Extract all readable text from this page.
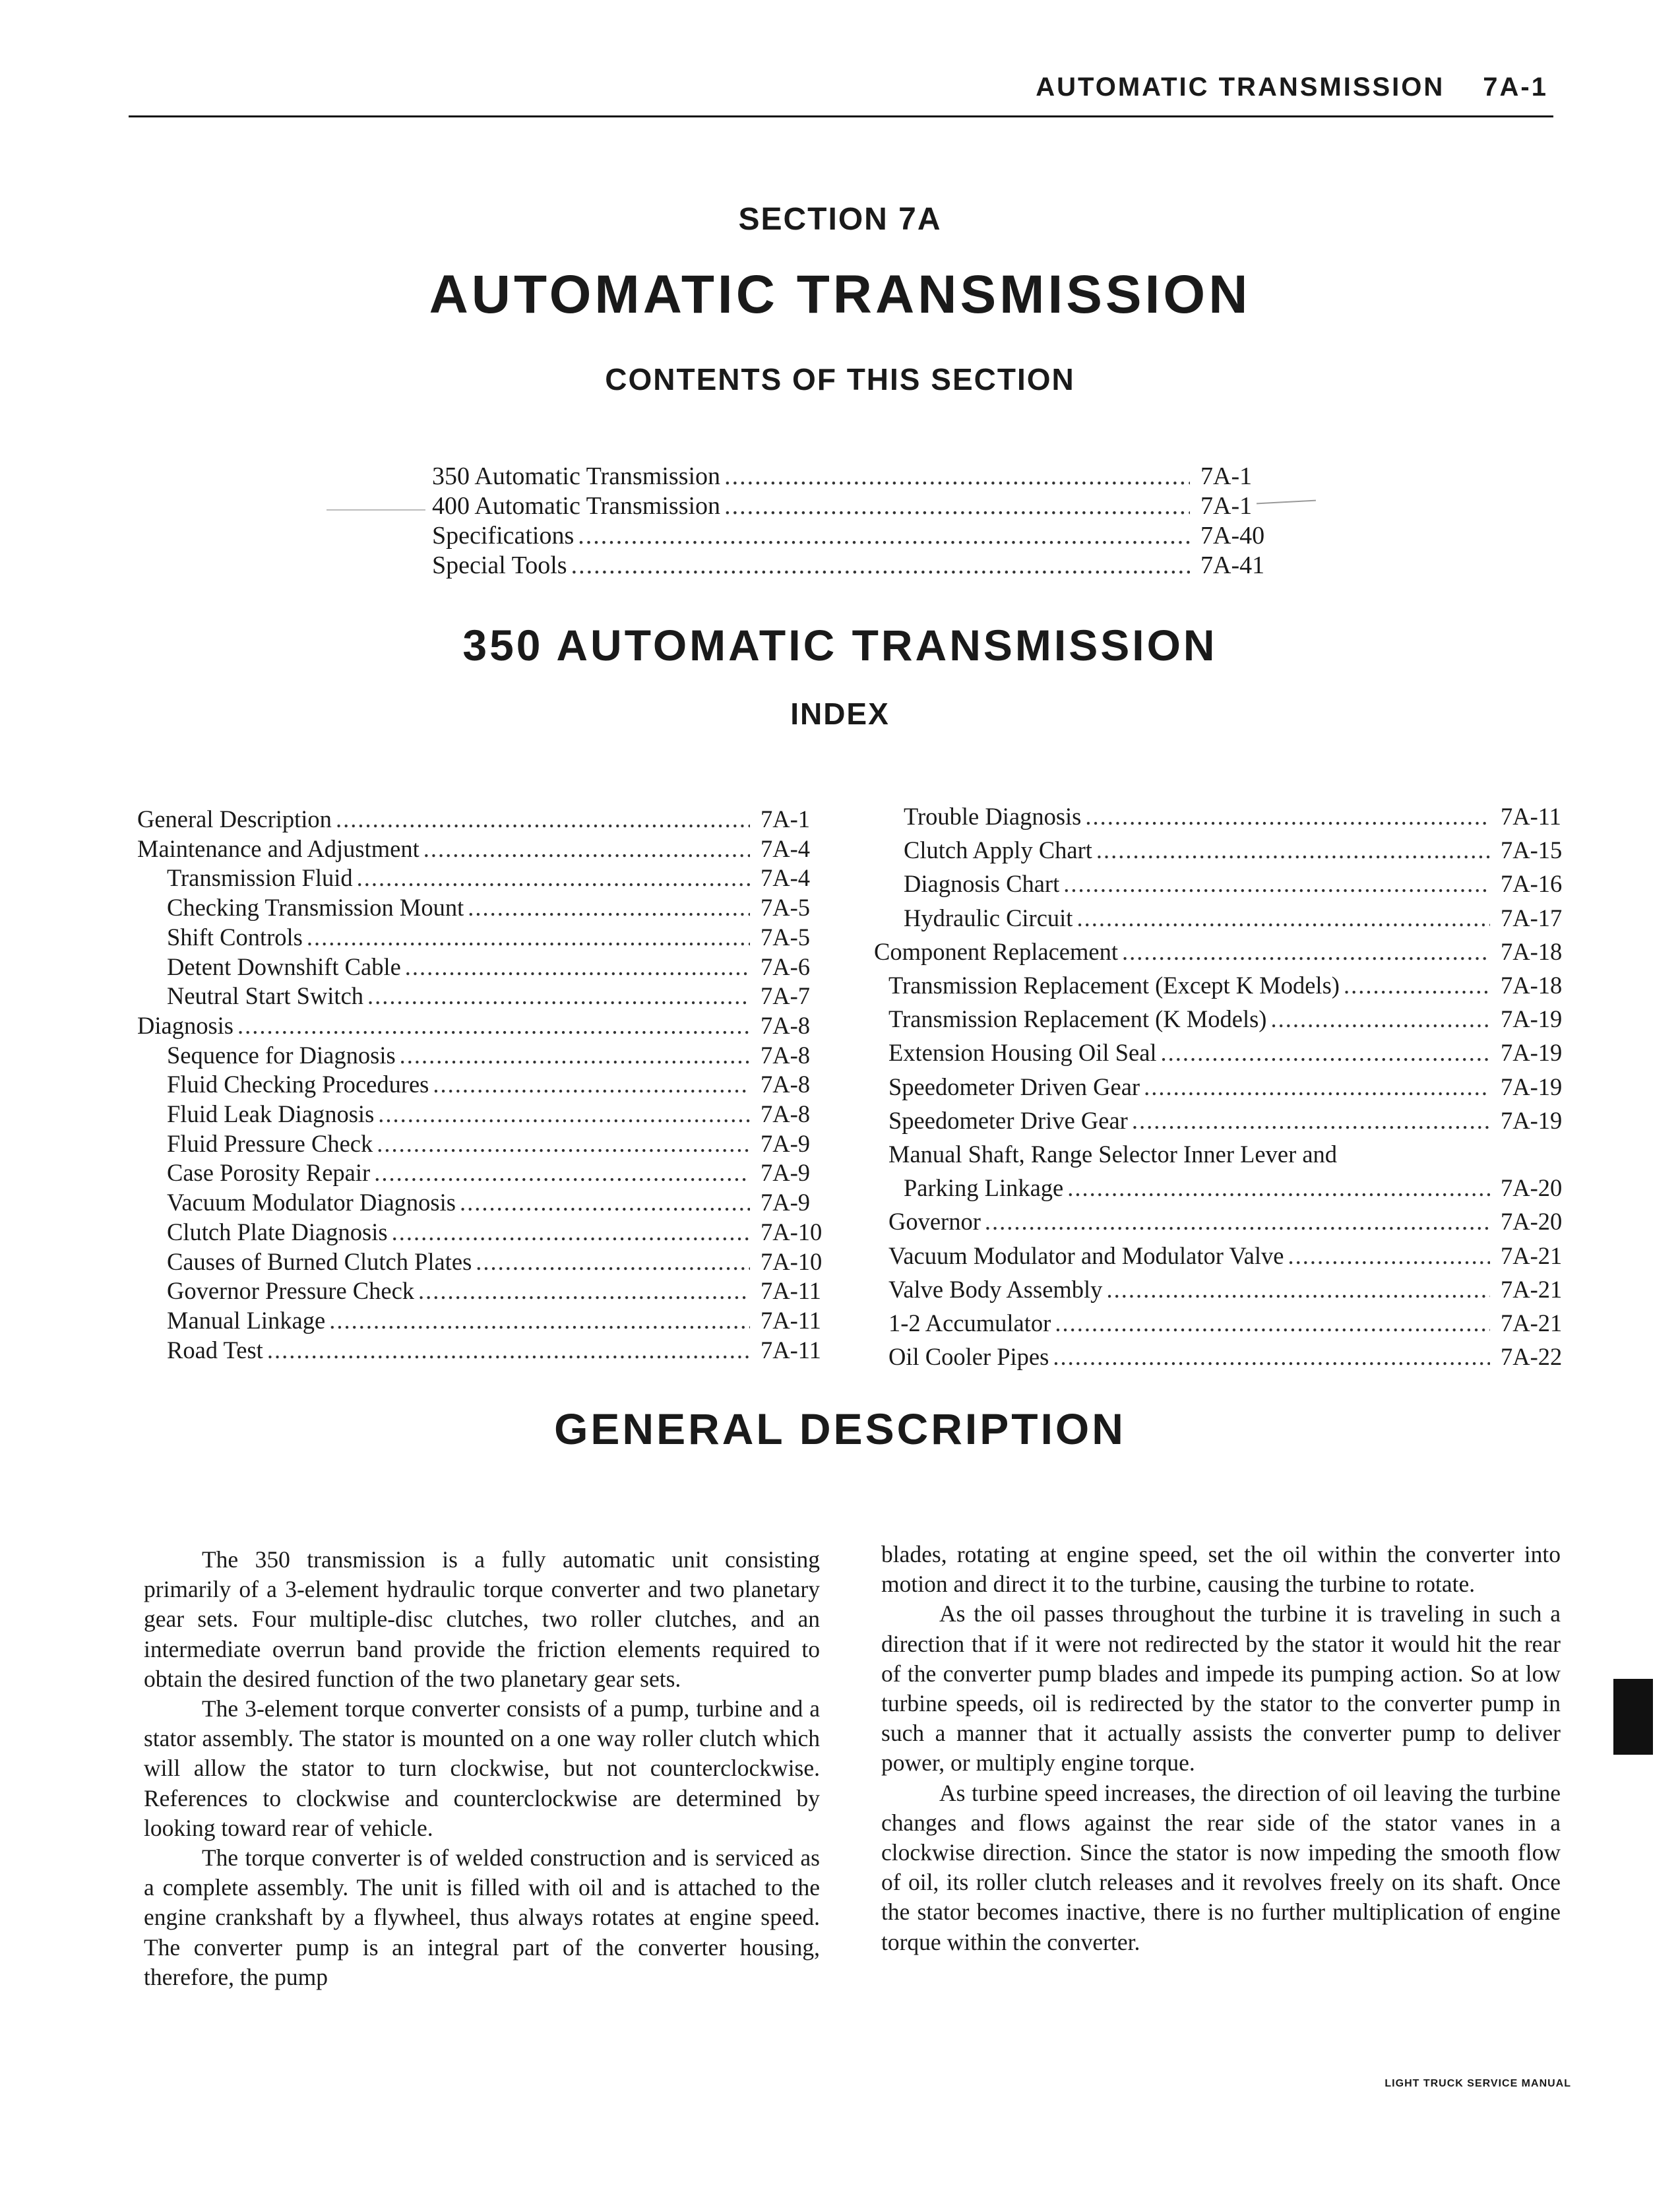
AUTOMATIC TRANSMISSION 7A-1
SECTION 7A
AUTOMATIC TRANSMISSION
CONTENTS OF THIS SECTION
350 Automatic Transmission .....	7A-1
400 Automatic Transmission .....	7A-1
Specifications .....	7A-40
Special Tools .....	7A-41
350 AUTOMATIC TRANSMISSION
INDEX
General Description .....	7A-1
Maintenance and Adjustment .....	7A-4
Transmission Fluid .....	7A-4
Checking Transmission Mount .....	7A-5
Shift Controls .....	7A-5
Detent Downshift Cable .....	7A-6
Neutral Start Switch .....	7A-7
Diagnosis .....	7A-8
Sequence for Diagnosis .....	7A-8
Fluid Checking Procedures .....	7A-8
Fluid Leak Diagnosis .....	7A-8
Fluid Pressure Check .....	7A-9
Case Porosity Repair .....	7A-9
Vacuum Modulator Diagnosis .....	7A-9
Clutch Plate Diagnosis .....	7A-10
Causes of Burned Clutch Plates .....	7A-10
Governor Pressure Check .....	7A-11
Manual Linkage .....	7A-11
Road Test .....	7A-11
Trouble Diagnosis .....	7A-11
Clutch Apply Chart .....	7A-15
Diagnosis Chart .....	7A-16
Hydraulic Circuit .....	7A-17
Component Replacement .....	7A-18
Transmission Replacement (Except K Models) .....	7A-18
Transmission Replacement (K Models) .....	7A-19
Extension Housing Oil Seal .....	7A-19
Speedometer Driven Gear .....	7A-19
Speedometer Drive Gear .....	7A-19
Manual Shaft, Range Selector Inner Lever and
Parking Linkage .....	7A-20
Governor .....	7A-20
Vacuum Modulator and Modulator Valve .....	7A-21
Valve Body Assembly .....	7A-21
1-2 Accumulator .....	7A-21
Oil Cooler Pipes .....	7A-22
GENERAL DESCRIPTION

The 350 transmission is a fully automatic unit consisting primarily of a 3-element hydraulic torque converter and two planetary gear sets. Four multiple-disc clutches, two roller clutches, and an intermediate overrun band provide the friction elements required to obtain the desired function of the two planetary gear sets.

The 3-element torque converter consists of a pump, turbine and a stator assembly. The stator is mounted on a one way roller clutch which will allow the stator to turn clockwise, but not counterclockwise. References to clockwise and counterclockwise are determined by looking toward rear of vehicle.

The torque converter is of welded construction and is serviced as a complete assembly. The unit is filled with oil and is attached to the engine crankshaft by a flywheel, thus always rotates at engine speed. The converter pump is an integral part of the converter housing, therefore, the pump

blades, rotating at engine speed, set the oil within the converter into motion and direct it to the turbine, causing the turbine to rotate.

As the oil passes throughout the turbine it is traveling in such a direction that if it were not redirected by the stator it would hit the rear of the converter pump blades and impede its pumping action. So at low turbine speeds, oil is redirected by the stator to the converter pump in such a manner that it actually assists the converter pump to deliver power, or multiply engine torque.

As turbine speed increases, the direction of oil leaving the turbine changes and flows against the rear side of the stator vanes in a clockwise direction. Since the stator is now impeding the smooth flow of oil, its roller clutch releases and it revolves freely on its shaft. Once the stator becomes inactive, there is no further multiplication of engine torque within the converter.

LIGHT TRUCK SERVICE MANUAL
